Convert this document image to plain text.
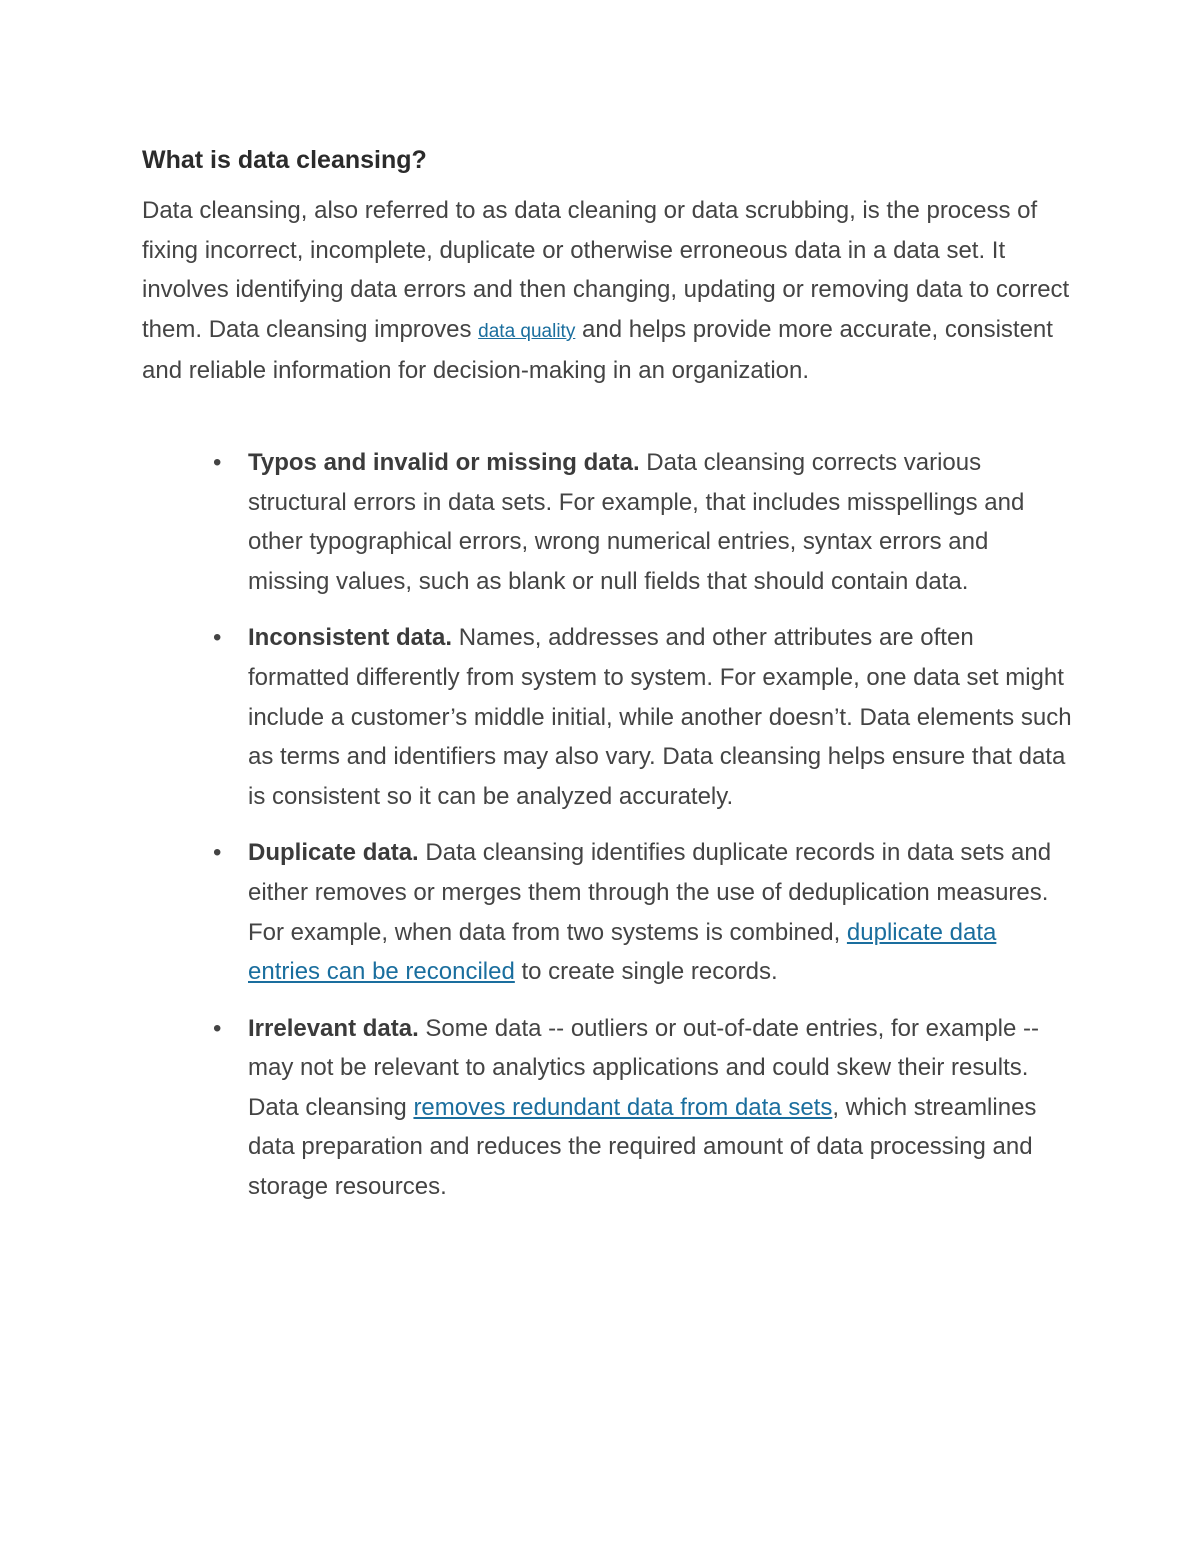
What is data cleansing?

Data cleansing, also referred to as data cleaning or data scrubbing, is the process of fixing incorrect, incomplete, duplicate or otherwise erroneous data in a data set. It involves identifying data errors and then changing, updating or removing data to correct them. Data cleansing improves data quality and helps provide more accurate, consistent and reliable information for decision-making in an organization.

• Typos and invalid or missing data. Data cleansing corrects various structural errors in data sets. For example, that includes misspellings and other typographical errors, wrong numerical entries, syntax errors and missing values, such as blank or null fields that should contain data.
• Inconsistent data. Names, addresses and other attributes are often formatted differently from system to system. For example, one data set might include a customer’s middle initial, while another doesn’t. Data elements such as terms and identifiers may also vary. Data cleansing helps ensure that data is consistent so it can be analyzed accurately.
• Duplicate data. Data cleansing identifies duplicate records in data sets and either removes or merges them through the use of deduplication measures. For example, when data from two systems is combined, duplicate data entries can be reconciled to create single records.
• Irrelevant data. Some data -- outliers or out-of-date entries, for example -- may not be relevant to analytics applications and could skew their results. Data cleansing removes redundant data from data sets, which streamlines data preparation and reduces the required amount of data processing and storage resources.
